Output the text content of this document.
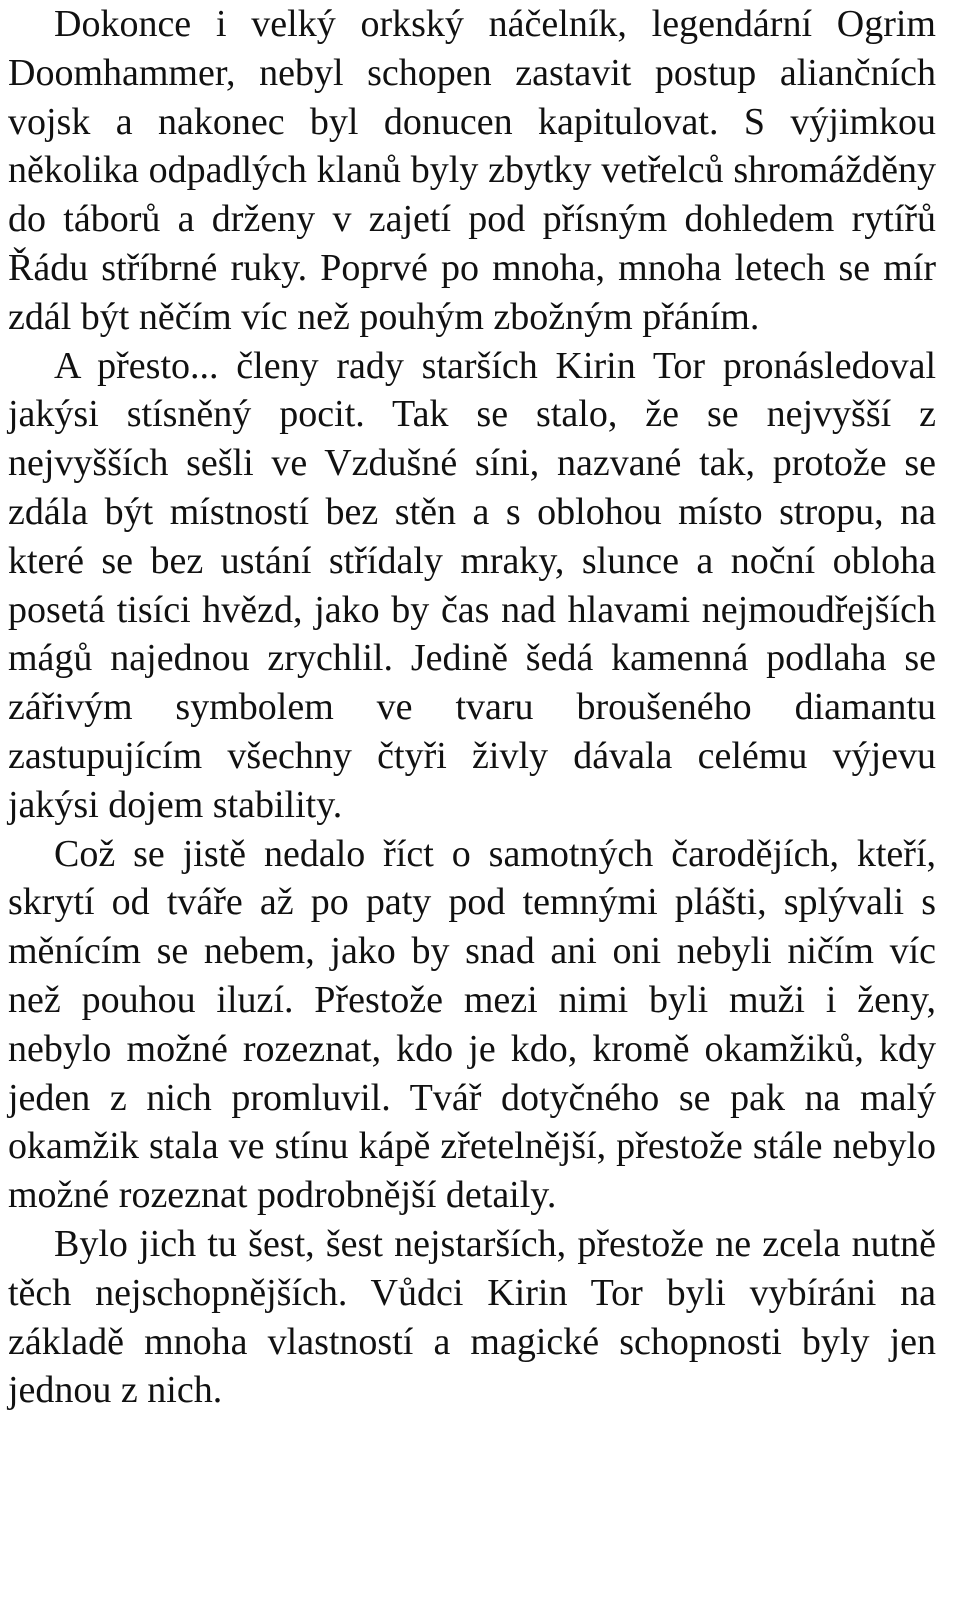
Dokonce i velký orkský náčelník, legendární Ogrim Doomhammer, nebyl schopen zastavit postup aliančních vojsk a nakonec byl donucen kapitulovat. S výjimkou několika odpadlých klanů byly zbytky vetřelců shromážděny do táborů a drženy v zajetí pod přísným dohledem rytířů Řádu stříbrné ruky. Poprvé po mnoha, mnoha letech se mír zdál být něčím víc než pouhým zbožným přáním.

A přesto... členy rady starších Kirin Tor pronásledoval jakýsi stísněný pocit. Tak se stalo, že se nejvyšší z nejvyšších sešli ve Vzdušné síni, nazvané tak, protože se zdála být místností bez stěn a s oblohou místo stropu, na které se bez ustání střídaly mraky, slunce a noční obloha posetá tisíci hvězd, jako by čas nad hlavami nejmoudřejších mágů najednou zrychlil. Jedině šedá kamenná podlaha se zářivým symbolem ve tvaru broušeného diamantu zastupujícím všechny čtyři živly dávala celému výjevu jakýsi dojem stability.

Což se jistě nedalo říct o samotných čarodějích, kteří, skrytí od tváře až po paty pod temnými plášti, splývali s měnícím se nebem, jako by snad ani oni nebyli ničím víc než pouhou iluzí. Přestože mezi nimi byli muži i ženy, nebylo možné rozeznat, kdo je kdo, kromě okamžiků, kdy jeden z nich promluvil. Tvář dotyčného se pak na malý okamžik stala ve stínu kápě zřetelnější, přestože stále nebylo možné rozeznat podrobnější detaily.

Bylo jich tu šest, šest nejstarších, přestože ne zcela nutně těch nejschopnějších. Vůdci Kirin Tor byli vybíráni na základě mnoha vlastností a magické schopnosti byly jen jednou z nich.
